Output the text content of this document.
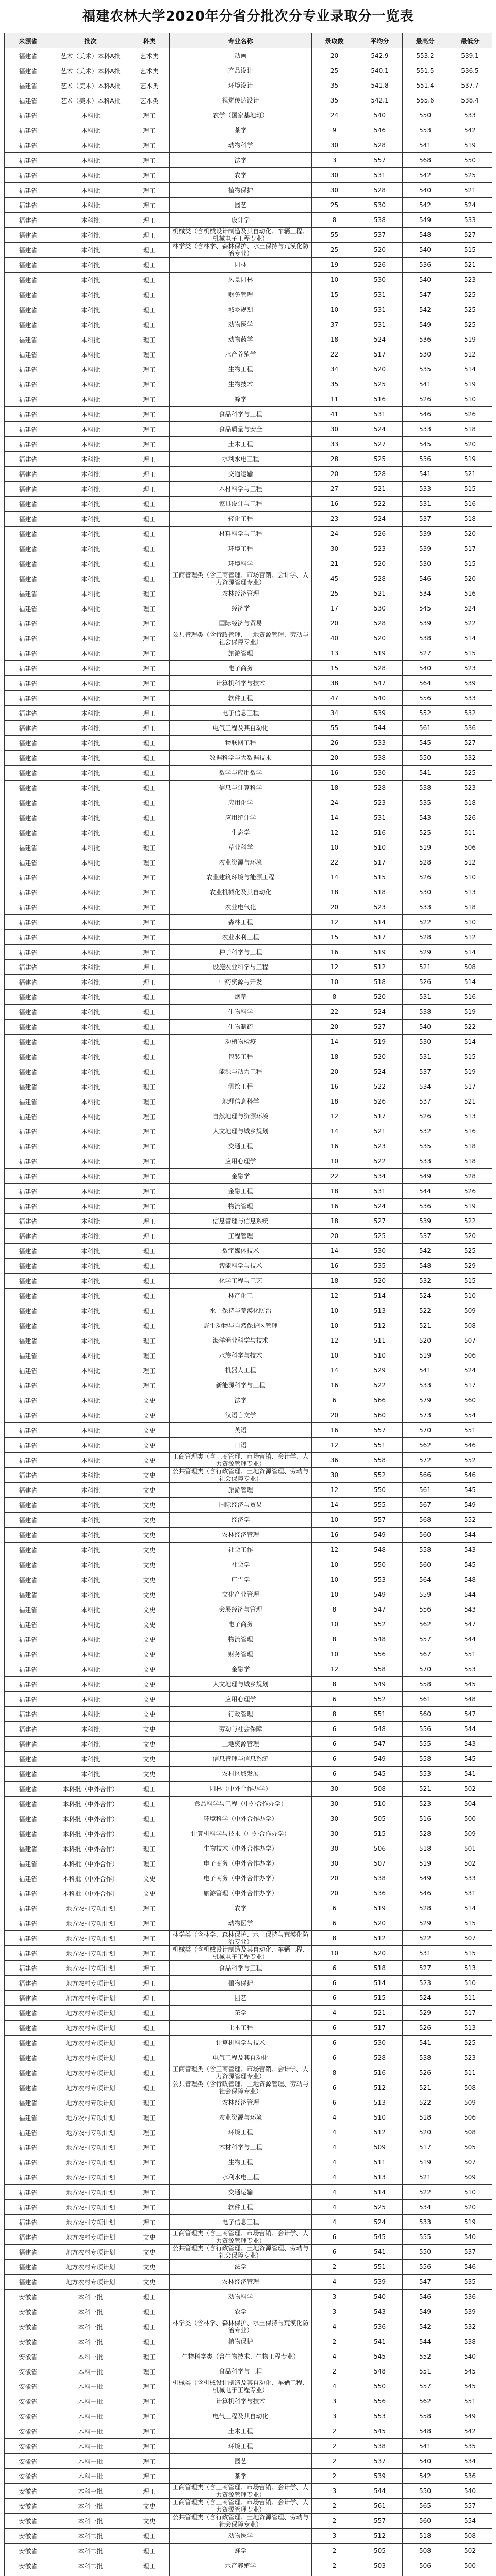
福建农林大学2020年分省分批次分专业录取分一览表
来源省	批次	科类	专业名称	录取数	平均分	最高分	最低分
福建省	艺术（美术）本科A批	艺术类	动画	20	542.9	553.2	539.1
福建省	艺术（美术）本科A批	艺术类	产品设计	25	540.1	551.5	536.5
福建省	艺术（美术）本科A批	艺术类	环境设计	35	541.8	551.4	537.7
福建省	艺术（美术）本科A批	艺术类	视觉传达设计	35	542.1	555.6	538.4
福建省	本科批	理工	农学（国家基地班）	24	540	550	533
福建省	本科批	理工	茶学	9	546	553	542
福建省	本科批	理工	动物科学	30	528	541	519
福建省	本科批	理工	法学	3	557	568	550
福建省	本科批	理工	农学	30	531	542	525
福建省	本科批	理工	植物保护	30	528	540	521
福建省	本科批	理工	园艺	25	530	542	524
福建省	本科批	理工	设计学	8	538	549	533
福建省	本科批	理工	机械类（含机械设计制造及其自动化、车辆工程、机械电子工程专业）	55	537	548	527
福建省	本科批	理工	林学类（含林学、森林保护、水土保持与荒漠化防治专业）	25	520	540	515
福建省	本科批	理工	园林	19	526	536	521
福建省	本科批	理工	风景园林	10	530	540	523
福建省	本科批	理工	财务管理	15	531	547	525
福建省	本科批	理工	城乡规划	10	531	542	525
福建省	本科批	理工	动物医学	37	531	549	525
福建省	本科批	理工	动物药学	18	524	536	519
福建省	本科批	理工	水产养殖学	22	517	530	512
福建省	本科批	理工	生物工程	34	520	535	514
福建省	本科批	理工	生物技术	35	525	541	519
福建省	本科批	理工	蜂学	11	516	526	510
福建省	本科批	理工	食品科学与工程	41	531	546	526
福建省	本科批	理工	食品质量与安全	30	524	533	518
福建省	本科批	理工	土木工程	33	527	545	520
福建省	本科批	理工	水利水电工程	28	525	536	519
福建省	本科批	理工	交通运输	20	528	541	521
福建省	本科批	理工	木材科学与工程	27	521	533	515
福建省	本科批	理工	家具设计与工程	16	522	531	516
福建省	本科批	理工	轻化工程	23	524	537	518
福建省	本科批	理工	材料科学与工程	24	526	539	520
福建省	本科批	理工	环境工程	30	523	539	517
福建省	本科批	理工	环境科学	21	520	530	515
福建省	本科批	理工	工商管理类（含工商管理、市场营销、会计学、人力资源管理专业）	45	528	546	520
福建省	本科批	理工	农林经济管理	25	521	534	516
福建省	本科批	理工	经济学	17	530	545	524
福建省	本科批	理工	国际经济与贸易	20	528	539	522
福建省	本科批	理工	公共管理类（含行政管理、土地资源管理、劳动与社会保障专业）	40	520	538	514
福建省	本科批	理工	旅游管理	13	519	527	515
福建省	本科批	理工	电子商务	15	528	540	523
福建省	本科批	理工	计算机科学与技术	38	547	564	539
福建省	本科批	理工	软件工程	47	540	556	533
福建省	本科批	理工	电子信息工程	34	539	552	532
福建省	本科批	理工	电气工程及其自动化	55	544	561	536
福建省	本科批	理工	物联网工程	26	533	545	527
福建省	本科批	理工	数据科学与大数据技术	20	538	550	532
福建省	本科批	理工	数学与应用数学	16	530	541	525
福建省	本科批	理工	信息与计算科学	18	528	538	523
福建省	本科批	理工	应用化学	24	523	535	518
福建省	本科批	理工	应用统计学	14	531	543	526
福建省	本科批	理工	生态学	12	516	525	511
福建省	本科批	理工	草业科学	10	510	519	506
福建省	本科批	理工	农业资源与环境	22	517	528	512
福建省	本科批	理工	农业建筑环境与能源工程	14	515	526	510
福建省	本科批	理工	农业机械化及其自动化	18	518	530	513
福建省	本科批	理工	农业电气化	20	523	533	518
福建省	本科批	理工	森林工程	12	514	522	510
福建省	本科批	理工	农业水利工程	15	517	528	512
福建省	本科批	理工	种子科学与工程	16	519	529	514
福建省	本科批	理工	设施农业科学与工程	12	512	521	508
福建省	本科批	理工	中药资源与开发	10	518	526	514
福建省	本科批	理工	烟草	8	520	531	516
福建省	本科批	理工	生物科学	22	524	538	519
福建省	本科批	理工	生物制药	20	527	540	522
福建省	本科批	理工	动植物检疫	14	519	530	514
福建省	本科批	理工	包装工程	18	520	531	515
福建省	本科批	理工	能源与动力工程	20	524	537	519
福建省	本科批	理工	测绘工程	16	522	534	517
福建省	本科批	理工	地理信息科学	18	526	537	521
福建省	本科批	理工	自然地理与资源环境	12	517	526	513
福建省	本科批	理工	人文地理与城乡规划	14	521	532	516
福建省	本科批	理工	交通工程	16	523	535	518
福建省	本科批	理工	应用心理学	10	522	533	518
福建省	本科批	理工	金融学	22	534	549	528
福建省	本科批	理工	金融工程	18	531	544	526
福建省	本科批	理工	物流管理	16	524	536	519
福建省	本科批	理工	信息管理与信息系统	18	527	539	522
福建省	本科批	理工	工程管理	20	525	537	520
福建省	本科批	理工	数字媒体技术	14	530	542	525
福建省	本科批	理工	智能科学与技术	16	535	548	529
福建省	本科批	理工	化学工程与工艺	18	520	532	515
福建省	本科批	理工	林产化工	12	514	524	510
福建省	本科批	理工	水土保持与荒漠化防治	10	513	522	509
福建省	本科批	理工	野生动物与自然保护区管理	10	512	521	508
福建省	本科批	理工	海洋渔业科学与技术	12	511	520	507
福建省	本科批	理工	水族科学与技术	10	510	519	506
福建省	本科批	理工	机器人工程	14	529	541	524
福建省	本科批	理工	新能源科学与工程	16	522	533	517
福建省	本科批	文史	法学	6	566	579	560
福建省	本科批	文史	汉语言文学	20	560	573	554
福建省	本科批	文史	英语	16	557	570	551
福建省	本科批	文史	日语	12	551	562	546
福建省	本科批	文史	工商管理类（含工商管理、市场营销、会计学、人力资源管理专业）	36	558	572	552
福建省	本科批	文史	公共管理类（含行政管理、土地资源管理、劳动与社会保障专业）	30	552	566	546
福建省	本科批	文史	旅游管理	12	550	561	545
福建省	本科批	文史	国际经济与贸易	14	555	567	549
福建省	本科批	文史	经济学	10	557	568	552
福建省	本科批	文史	农林经济管理	16	549	560	544
福建省	本科批	文史	社会工作	12	548	558	543
福建省	本科批	文史	社会学	10	550	560	545
福建省	本科批	文史	广告学	10	553	564	548
福建省	本科批	文史	文化产业管理	10	549	559	544
福建省	本科批	文史	会展经济与管理	8	547	556	543
福建省	本科批	文史	电子商务	10	552	562	547
福建省	本科批	文史	物流管理	8	548	557	544
福建省	本科批	文史	财务管理	10	556	567	551
福建省	本科批	文史	金融学	12	558	570	553
福建省	本科批	文史	人文地理与城乡规划	8	549	558	545
福建省	本科批	文史	应用心理学	6	552	561	548
福建省	本科批	文史	行政管理	8	551	560	547
福建省	本科批	文史	劳动与社会保障	6	548	556	544
福建省	本科批	文史	土地资源管理	6	547	555	543
福建省	本科批	文史	信息管理与信息系统	6	549	558	545
福建省	本科批	文史	农村区域发展	6	545	553	541
福建省	本科批（中外合作）	理工	园林（中外合作办学）	30	508	521	502
福建省	本科批（中外合作）	理工	食品科学与工程（中外合作办学）	30	510	523	504
福建省	本科批（中外合作）	理工	环境科学（中外合作办学）	30	505	516	500
福建省	本科批（中外合作）	理工	计算机科学与技术（中外合作办学）	30	515	528	509
福建省	本科批（中外合作）	理工	生物技术（中外合作办学）	30	506	518	501
福建省	本科批（中外合作）	理工	电子商务（中外合作办学）	30	507	519	502
福建省	本科批（中外合作）	文史	电子商务（中外合作办学）	20	538	549	533
福建省	本科批（中外合作）	文史	旅游管理（中外合作办学）	20	536	546	531
福建省	地方农村专项计划	理工	农学	6	519	528	514
福建省	地方农村专项计划	理工	动物医学	6	520	529	515
福建省	地方农村专项计划	理工	林学类（含林学、森林保护、水土保持与荒漠化防治专业）	8	512	522	507
福建省	地方农村专项计划	理工	机械类（含机械设计制造及其自动化、车辆工程、机械电子工程专业）	10	520	531	515
福建省	地方农村专项计划	理工	食品科学与工程	6	518	527	513
福建省	地方农村专项计划	理工	植物保护	6	514	523	510
福建省	地方农村专项计划	理工	园艺	6	515	524	511
福建省	地方农村专项计划	理工	茶学	4	521	529	517
福建省	地方农村专项计划	理工	土木工程	6	517	526	513
福建省	地方农村专项计划	理工	计算机科学与技术	6	530	541	525
福建省	地方农村专项计划	理工	电气工程及其自动化	6	528	538	523
福建省	地方农村专项计划	理工	工商管理类（含工商管理、市场营销、会计学、人力资源管理专业）	8	516	526	511
福建省	地方农村专项计划	理工	公共管理类（含行政管理、土地资源管理、劳动与社会保障专业）	6	512	521	508
福建省	地方农村专项计划	理工	农林经济管理	6	513	522	509
福建省	地方农村专项计划	理工	农业资源与环境	4	510	518	506
福建省	地方农村专项计划	理工	环境工程	4	512	520	508
福建省	地方农村专项计划	理工	木材科学与工程	4	509	517	505
福建省	地方农村专项计划	理工	生物工程	4	511	519	507
福建省	地方农村专项计划	理工	水利水电工程	4	513	521	509
福建省	地方农村专项计划	理工	交通运输	4	514	522	510
福建省	地方农村专项计划	理工	软件工程	4	525	534	520
福建省	地方农村专项计划	理工	电子信息工程	4	524	533	519
福建省	地方农村专项计划	文史	工商管理类（含工商管理、市场营销、会计学、人力资源管理专业）	6	545	555	540
福建省	地方农村专项计划	文史	公共管理类（含行政管理、土地资源管理、劳动与社会保障专业）	6	541	550	537
福建省	地方农村专项计划	文史	法学	2	551	556	546
福建省	地方农村专项计划	文史	农林经济管理	4	539	547	535
安徽省	本科一批	理工	动物科学	3	540	546	536
安徽省	本科一批	理工	农学	3	543	549	539
安徽省	本科一批	理工	林学类（含林学、森林保护、水土保持与荒漠化防治专业）	4	536	542	532
安徽省	本科一批	理工	植物保护	2	541	544	538
安徽省	本科一批	理工	生物科学类（含生物技术、生物工程专业）	4	545	552	540
安徽省	本科一批	理工	食品科学与工程	2	548	551	545
安徽省	本科一批	理工	机械类（含机械设计制造及其自动化、车辆工程、机械电子工程专业）	4	550	557	545
安徽省	本科一批	理工	计算机科学与技术	3	556	562	551
安徽省	本科一批	理工	电气工程及其自动化	3	553	558	549
安徽省	本科一批	理工	土木工程	2	545	548	542
安徽省	本科一批	理工	环境工程	2	538	541	535
安徽省	本科一批	理工	园艺	2	537	540	534
安徽省	本科一批	理工	茶学	2	539	542	536
安徽省	本科一批	理工	工商管理类（含工商管理、市场营销、会计学、人力资源管理专业）	3	544	550	540
安徽省	本科一批	文史	工商管理类（含工商管理、市场营销、会计学、人力资源管理专业）	2	561	565	557
安徽省	本科一批	文史	公共管理类（含行政管理、土地资源管理、劳动与社会保障专业）	2	557	560	554
安徽省	本科二批	理工	动物医学	3	512	518	508
安徽省	本科二批	理工	蜂学	2	505	508	502
安徽省	本科二批	理工	水产养殖学	2	503	506	500
